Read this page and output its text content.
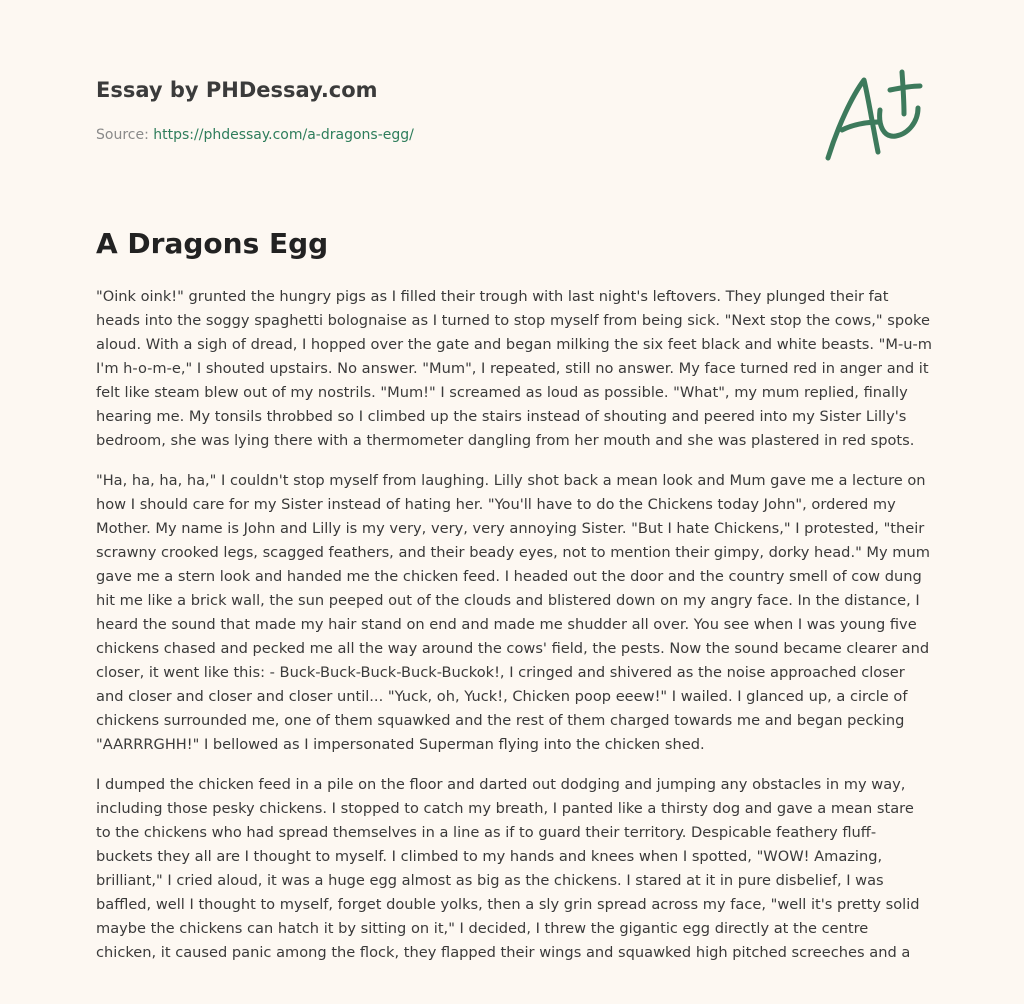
Essay by PHDessay.com
Source: https://phdessay.com/a-dragons-egg/
A Dragons Egg

"Oink oink!" grunted the hungry pigs as I filled their trough with last night's leftovers. They plunged their fat heads into the soggy spaghetti bolognaise as I turned to stop myself from being sick. "Next stop the cows," spoke aloud. With a sigh of dread, I hopped over the gate and began milking the six feet black and white beasts. "M-u-m I'm h-o-m-e," I shouted upstairs. No answer. "Mum", I repeated, still no answer. My face turned red in anger and it felt like steam blew out of my nostrils. "Mum!" I screamed as loud as possible. "What", my mum replied, finally hearing me. My tonsils throbbed so I climbed up the stairs instead of shouting and peered into my Sister Lilly's bedroom, she was lying there with a thermometer dangling from her mouth and she was plastered in red spots.

"Ha, ha, ha, ha," I couldn't stop myself from laughing. Lilly shot back a mean look and Mum gave me a lecture on how I should care for my Sister instead of hating her. "You'll have to do the Chickens today John", ordered my Mother. My name is John and Lilly is my very, very, very annoying Sister. "But I hate Chickens," I protested, "their scrawny crooked legs, scagged feathers, and their beady eyes, not to mention their gimpy, dorky head." My mum gave me a stern look and handed me the chicken feed. I headed out the door and the country smell of cow dung hit me like a brick wall, the sun peeped out of the clouds and blistered down on my angry face. In the distance, I heard the sound that made my hair stand on end and made me shudder all over. You see when I was young five chickens chased and pecked me all the way around the cows' field, the pests. Now the sound became clearer and closer, it went like this: - Buck-Buck-Buck-Buck-Buckok!, I cringed and shivered as the noise approached closer and closer and closer and closer until... "Yuck, oh, Yuck!, Chicken poop eeew!" I wailed. I glanced up, a circle of chickens surrounded me, one of them squawked and the rest of them charged towards me and began pecking "AARRRGHH!" I bellowed as I impersonated Superman flying into the chicken shed.

I dumped the chicken feed in a pile on the floor and darted out dodging and jumping any obstacles in my way, including those pesky chickens. I stopped to catch my breath, I panted like a thirsty dog and gave a mean stare to the chickens who had spread themselves in a line as if to guard their territory. Despicable feathery fluff-buckets they all are I thought to myself. I climbed to my hands and knees when I spotted, "WOW! Amazing, brilliant," I cried aloud, it was a huge egg almost as big as the chickens. I stared at it in pure disbelief, I was baffled, well I thought to myself, forget double yolks, then a sly grin spread across my face, "well it's pretty solid maybe the chickens can hatch it by sitting on it," I decided, I threw the gigantic egg directly at the centre chicken, it caused panic among the flock, they flapped their wings and squawked high pitched screeches and a
